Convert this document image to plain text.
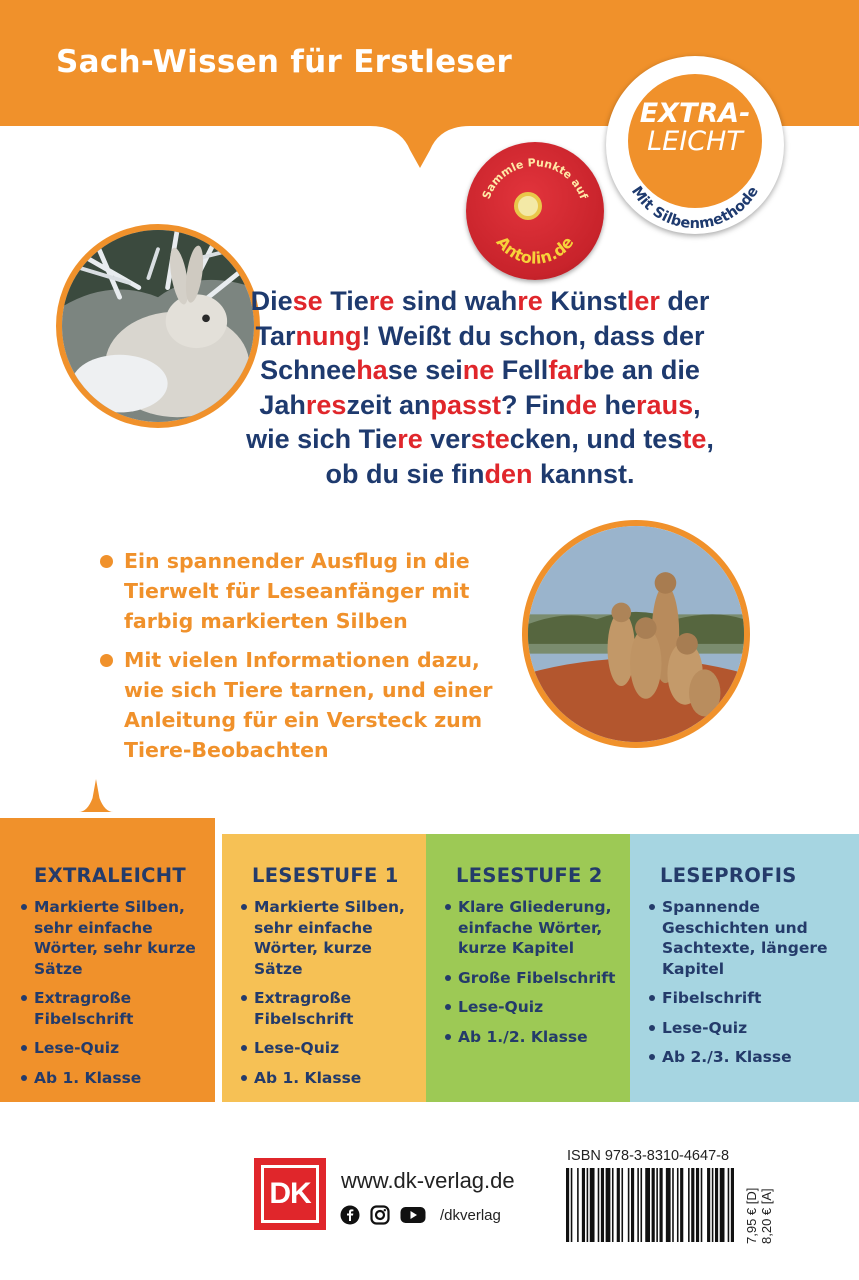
Sach-Wissen für Erstleser
EXTRA-
LEICHT
Mit Silbenmethode
Sammle Punkte auf
Antolin.de
Diese Tiere sind wahre Künstler der
Tarnung! Weißt du schon, dass der
Schneehase seine Fellfarbe an die
Jahreszeit anpasst? Finde heraus,
wie sich Tiere verstecken, und teste,
ob du sie finden kannst.
Ein spannender Ausflug in die Tierwelt für Leseanfänger mit farbig markierten Silben
Mit vielen Informationen dazu, wie sich Tiere tarnen, und einer Anleitung für ein Versteck zum Tiere-Beobachten
EXTRALEICHT
Markierte Silben, sehr einfache Wörter, sehr kurze Sätze
Extragroße Fibelschrift
Lese-Quiz
Ab 1. Klasse
LESESTUFE 1
Markierte Silben, sehr einfache Wörter, kurze Sätze
Extragroße Fibelschrift
Lese-Quiz
Ab 1. Klasse
LESESTUFE 2
Klare Gliederung, einfache Wörter, kurze Kapitel
Große Fibelschrift
Lese-Quiz
Ab 1./2. Klasse
LESEPROFIS
Spannende Geschichten und Sachtexte, längere Kapitel
Fibelschrift
Lese-Quiz
Ab 2./3. Klasse
DK	www.dk-verlag.de
/dkverlag
ISBN 978-3-8310-4647-8
7,95 € [D] 8,20 € [A]
